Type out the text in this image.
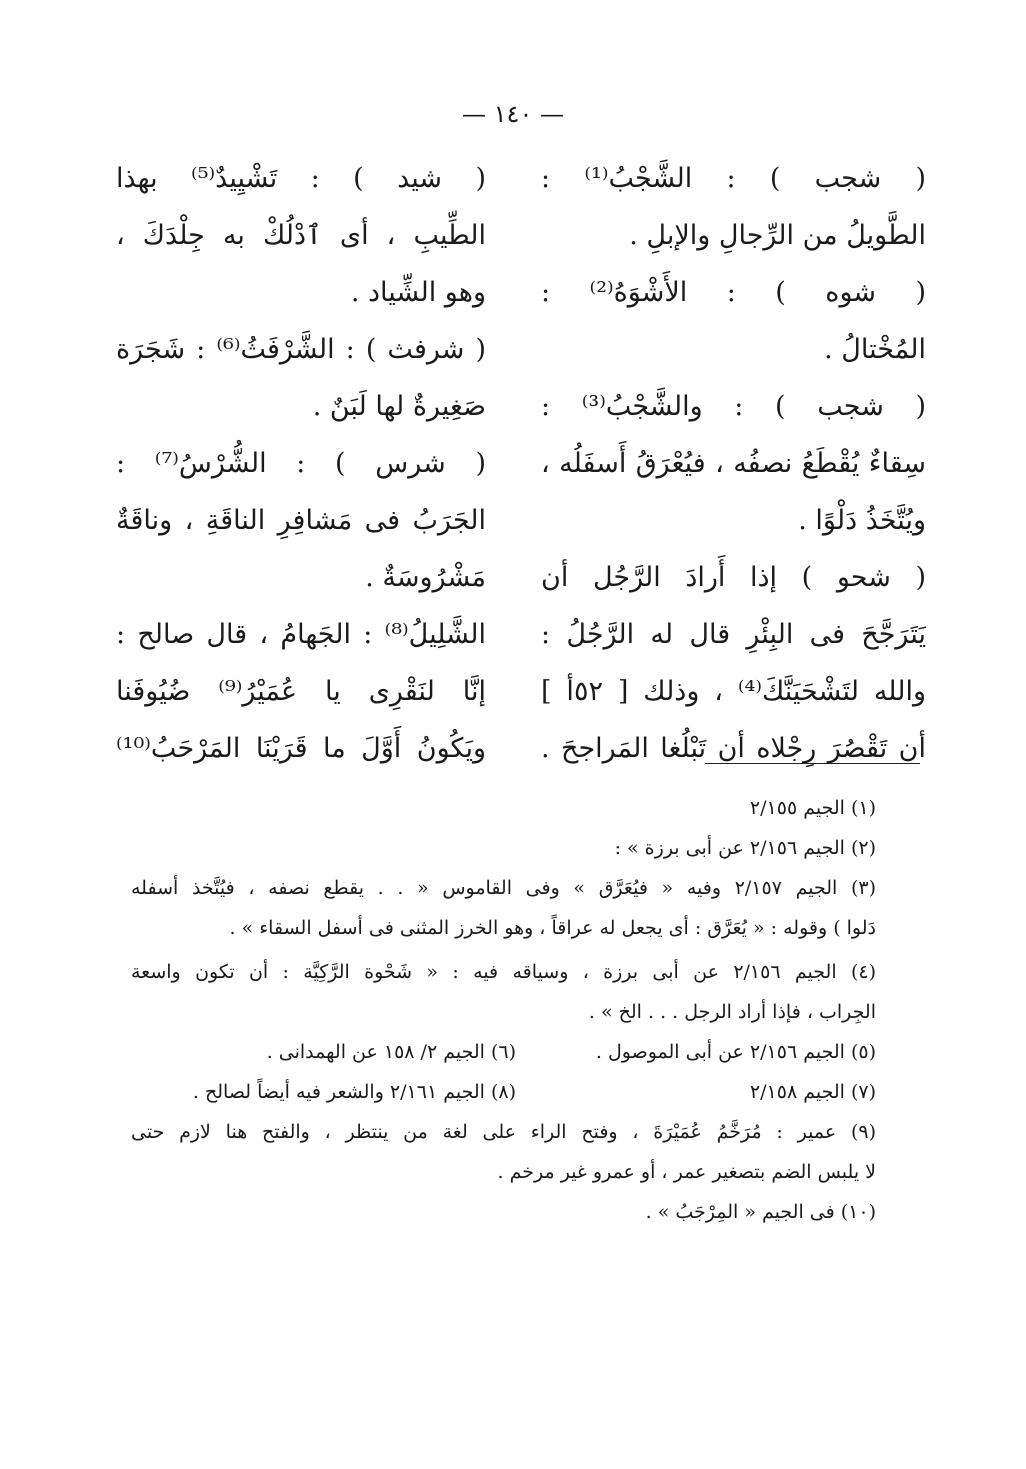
— ١٤٠ —
( شجب ) : الشَّجْبُ⁽¹⁾ :
الطَّويلُ من الرِّجالِ والإبلِ .
( شوه ) : الأَشْوَهُ⁽²⁾ :
المُخْتالُ .
( شجب ) : والشَّجْبُ⁽³⁾ :
سِقاءٌ يُقْطَعُ نصفُه ، فيُعْرَقُ أَسفَلُه ،
ويُتَّخَذُ دَلْوًا .
( شحو ) إذا أَرادَ الرَّجُل أن
يَتَرَجَّحَ فى البِئْرِ قال له الرَّجُلُ :
والله لتَشْحَيَنَّكَ⁽⁴⁾ ، وذلك [ ٥٢أ ]
أن تَقْصُرَ رِجْلاه أن تَبْلُغا المَراجحَ .
( شيد ) : تَشْيِيدٌ⁽⁵⁾ بهذا
الطِّيبِ ، أى ٱدْلُكْ به جِلْدَكَ ،
وهو الشِّياد .
( شرفث ) : الشَّرْفَثُ⁽⁶⁾ : شَجَرَة
صَغِيرةٌ لها لَبَنٌ .
( شرس ) : الشُّرْسُ⁽⁷⁾ :
الجَرَبُ فى مَشافِرِ الناقَةِ ، وناقَةٌ
مَشْرُوسَةٌ .
الشَّلِيلُ⁽⁸⁾ : الجَهامُ ، قال صالح :
إنَّا لنَقْرِى يا عُمَيْرُ⁽⁹⁾ ضُيُوفَنا
ويَكُونُ أَوَّلَ ما قَرَيْنَا المَرْحَبُ⁽¹⁰⁾
(١) الجيم ٢/١٥٥
(٢) الجيم ٢/١٥٦ عن أبى برزة » :
(٣) الجيم ٢/١٥٧ وفيه « فيُعَرَّق » وفى القاموس « . . يقطع نصفه ، فيُتَّخذ أسفله
دَلوا ) وقوله : « يُعَرَّق : أى يجعل له عراقاً ، وهو الخرز المثنى فى أسفل السقاء » .
(٤) الجيم ٢/١٥٦ عن أبى برزة ، وسياقه فيه : « شَحْوة الرَّكِيَّة : أن تكون واسعة
الجِراب ، فإذا أراد الرجل . . . الخ » .
(٥) الجيم ٢/١٥٦ عن أبى الموصول .
(٦) الجيم ٢/ ١٥٨ عن الهمدانى .
(٧) الجيم ٢/١٥٨
(٨) الجيم ٢/١٦١ والشعر فيه أيضاً لصالح .
(٩) عمير : مُرَخَّمُ عُمَيْرَةَ ، وفتح الراء على لغة من ينتظر ، والفتح هنا لازم حتى
لا يلبس الضم بتصغير عمر ، أو عمرو غير مرخم .
(١٠) فى الجيم « المِرْجَبُ » .
